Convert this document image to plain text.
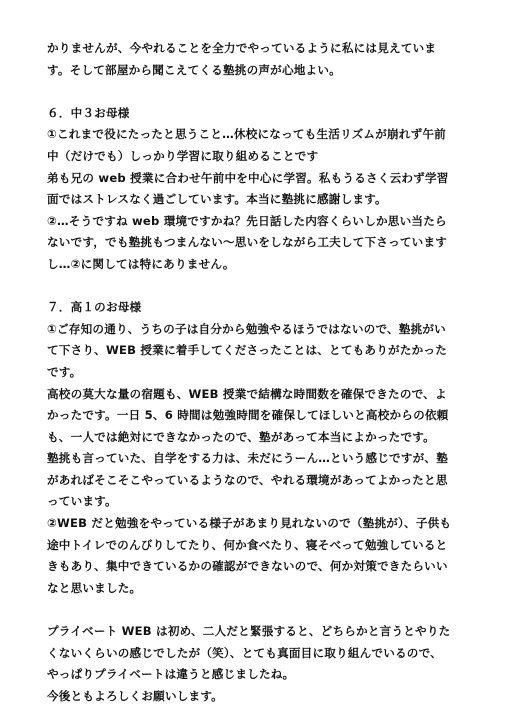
かりませんが、今やれることを全力でやっているように私には見えていま
す。そして部屋から聞こえてくる塾挑の声が心地よい。
６．中３お母様
①これまで役にたったと思うこと…休校になっても生活リズムが崩れず午前
中（だけでも）しっかり学習に取り組めることです
弟も兄の web 授業に合わせ午前中を中心に学習。私もうるさく云わず学習
面ではストレスなく過ごしています。本当に塾挑に感謝します。
②…そうですね web 環境ですかね？先日話した内容くらいしか思い当たら
ないです，でも塾挑もつまんない～思いをしながら工夫して下さっています
し…②に関しては特にありません。
７．高１のお母様
①ご存知の通り、うちの子は自分から勉強やるほうではないので、塾挑がい
て下さり、WEB 授業に着手してくださったことは、とてもありがたかった
です。
高校の莫大な量の宿題も、WEB 授業で結構な時間数を確保できたので、よ
かったです。一日 5、6 時間は勉強時間を確保してほしいと高校からの依頼
も、一人では絶対にできなかったので、塾があって本当によかったです。
塾挑も言っていた、自学をする力は、未だにうーん…という感じですが、塾
があればそこそこやっているようなので、やれる環境があってよかったと思
っています。
②WEB だと勉強をやっている様子があまり見れないので（塾挑が）、子供も
途中トイレでのんびりしてたり、何か食べたり、寝そべって勉強していると
きもあり、集中できているかの確認ができないので、何か対策できたらいい
なと思いました。
プライベート WEB は初め、二人だと緊張すると、どちらかと言うとやりた
くないくらいの感じでしたが（笑）、とても真面目に取り組んでいるので、
やっぱりプライベートは違うと感じましたね。
今後ともよろしくお願いします。
